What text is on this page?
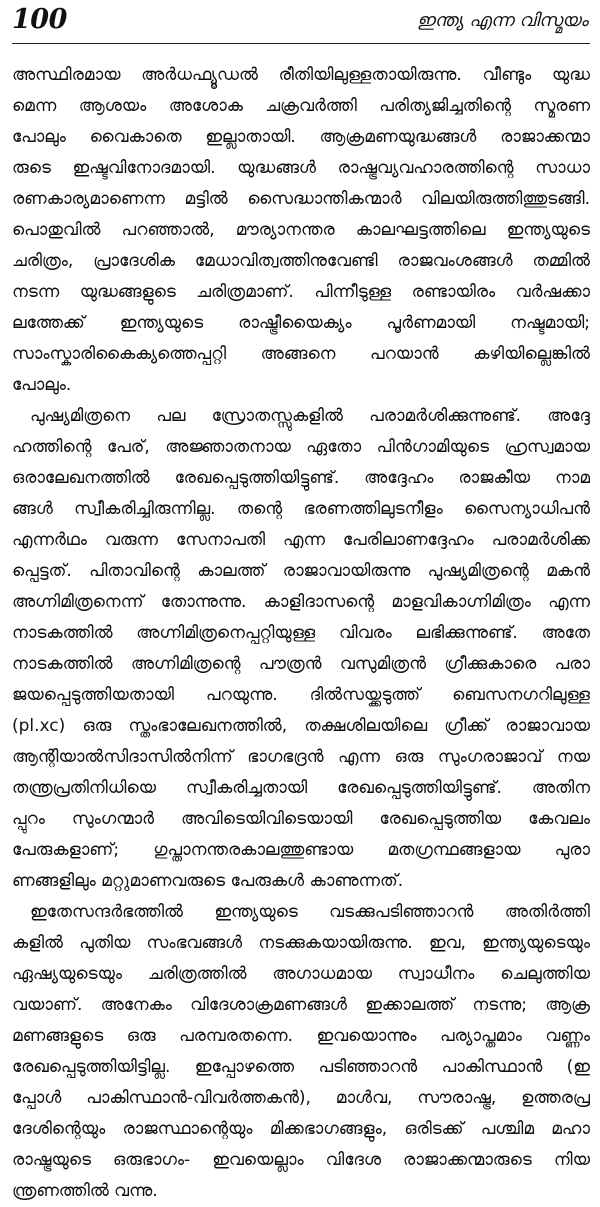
100	ഇന്ത്യ എന്ന വിസ്മയം
അസ്ഥിരമായ അർധഫ്യൂഡൽ രീതിയിലുള്ളതായിരുന്നു. വീണ്ടും യുദ്ധ
മെന്ന ആശയം അശോക ചക്രവർത്തി പരിത്യജിച്ചതിന്റെ സ്മരണ
പോലും വൈകാതെ ഇല്ലാതായി. ആക്രമണയുദ്ധങ്ങൾ രാജാക്കന്മാ
രുടെ ഇഷ്ടവിനോദമായി. യുദ്ധങ്ങൾ രാഷ്ട്രവ്യവഹാരത്തിന്റെ സാധാ
രണകാര്യമാണെന്ന മട്ടിൽ സൈദ്ധാന്തികന്മാർ വിലയിരുത്തിത്തുടങ്ങി.
പൊതുവിൽ പറഞ്ഞാൽ, മൗര്യാനന്തര കാലഘട്ടത്തിലെ ഇന്ത്യയുടെ
ചരിത്രം, പ്രാദേശിക മേധാവിത്വത്തിനുവേണ്ടി രാജവംശങ്ങൾ തമ്മിൽ
നടന്ന യുദ്ധങ്ങളുടെ ചരിത്രമാണ്. പിന്നീടുള്ള രണ്ടായിരം വർഷക്കാ
ലത്തേക്ക് ഇന്ത്യയുടെ രാഷ്ട്രീയൈക്യം പൂർണമായി നഷ്ടമായി;
സാംസ്കാരികൈക്യത്തെപ്പറ്റി അങ്ങനെ പറയാൻ കഴിയില്ലെങ്കിൽ
പോലും.
പുഷ്യമിത്രനെ പല സ്രോതസ്സുകളിൽ പരാമർശിക്കുന്നുണ്ട്. അദ്ദേ
ഹത്തിന്റെ പേര്, അജ്ഞാതനായ ഏതോ പിൻഗാമിയുടെ ഹ്രസ്വമായ
ഒരാലേഖനത്തിൽ രേഖപ്പെടുത്തിയിട്ടുണ്ട്. അദ്ദേഹം രാജകീയ നാമ
ങ്ങൾ സ്വീകരിച്ചിരുന്നില്ല. തന്റെ ഭരണത്തിലുടനീളം സൈന്യാധിപൻ
എന്നർഥം വരുന്ന സേനാപതി എന്ന പേരിലാണദ്ദേഹം പരാമർശിക്ക
പ്പെട്ടത്. പിതാവിന്റെ കാലത്ത് രാജാവായിരുന്നു പുഷ്യമിത്രന്റെ മകൻ
അഗ്നിമിത്രനെന്ന് തോന്നുന്നു. കാളിദാസന്റെ മാളവികാഗ്നിമിത്രം എന്ന
നാടകത്തിൽ അഗ്നിമിത്രനെപ്പറ്റിയുള്ള വിവരം ലഭിക്കുന്നുണ്ട്. അതേ
നാടകത്തിൽ അഗ്നിമിത്രന്റെ പൗത്രൻ വസുമിത്രൻ ഗ്രീക്കുകാരെ പരാ
ജയപ്പെടുത്തിയതായി പറയുന്നു. ദിൽസയ്ക്കടുത്ത് ബെസനഗറിലുള്ള
(pl.xc) ഒരു സ്തംഭാലേഖനത്തിൽ, തക്ഷശിലയിലെ ഗ്രീക്ക് രാജാവായ
ആന്റിയാൽസിദാസിൽനിന്ന് ഭാഗഭദ്രൻ എന്ന ഒരു സുംഗരാജാവ് നയ
തന്ത്രപ്രതിനിധിയെ സ്വീകരിച്ചതായി രേഖപ്പെടുത്തിയിട്ടുണ്ട്. അതിന
പ്പുറം സുംഗന്മാർ അവിടെയിവിടെയായി രേഖപ്പെടുത്തിയ കേവലം
പേരുകളാണ്; ഗുപ്താനന്തരകാലത്തുണ്ടായ മതഗ്രന്ഥങ്ങളായ പുരാ
ണങ്ങളിലും മറ്റുമാണവരുടെ പേരുകൾ കാണുന്നത്.
ഇതേസന്ദർഭത്തിൽ ഇന്ത്യയുടെ വടക്കുപടിഞ്ഞാറൻ അതിർത്തി
കളിൽ പുതിയ സംഭവങ്ങൾ നടക്കുകയായിരുന്നു. ഇവ, ഇന്ത്യയുടെയും
ഏഷ്യയുടെയും ചരിത്രത്തിൽ അഗാധമായ സ്വാധീനം ചെലുത്തിയ
വയാണ്. അനേകം വിദേശാക്രമണങ്ങൾ ഇക്കാലത്ത് നടന്നു; ആക്ര
മണങ്ങളുടെ ഒരു പരമ്പരതന്നെ. ഇവയൊന്നും പര്യാപ്തമാം വണ്ണം
രേഖപ്പെടുത്തിയിട്ടില്ല. ഇപ്പോഴത്തെ പടിഞ്ഞാറൻ പാകിസ്ഥാൻ (ഇ
പ്പോൾ പാകിസ്ഥാൻ-വിവർത്തകൻ), മാൾവ, സൗരാഷ്ട്ര, ഉത്തരപ്ര
ദേശിന്റെയും രാജസ്ഥാന്റെയും മിക്കഭാഗങ്ങളും, ഒരിടക്ക് പശ്ചിമ മഹാ
രാഷ്ട്രയുടെ ഒരുഭാഗം- ഇവയെല്ലാം വിദേശ രാജാക്കന്മാരുടെ നിയ
ന്ത്രണത്തിൽ വന്നു.
